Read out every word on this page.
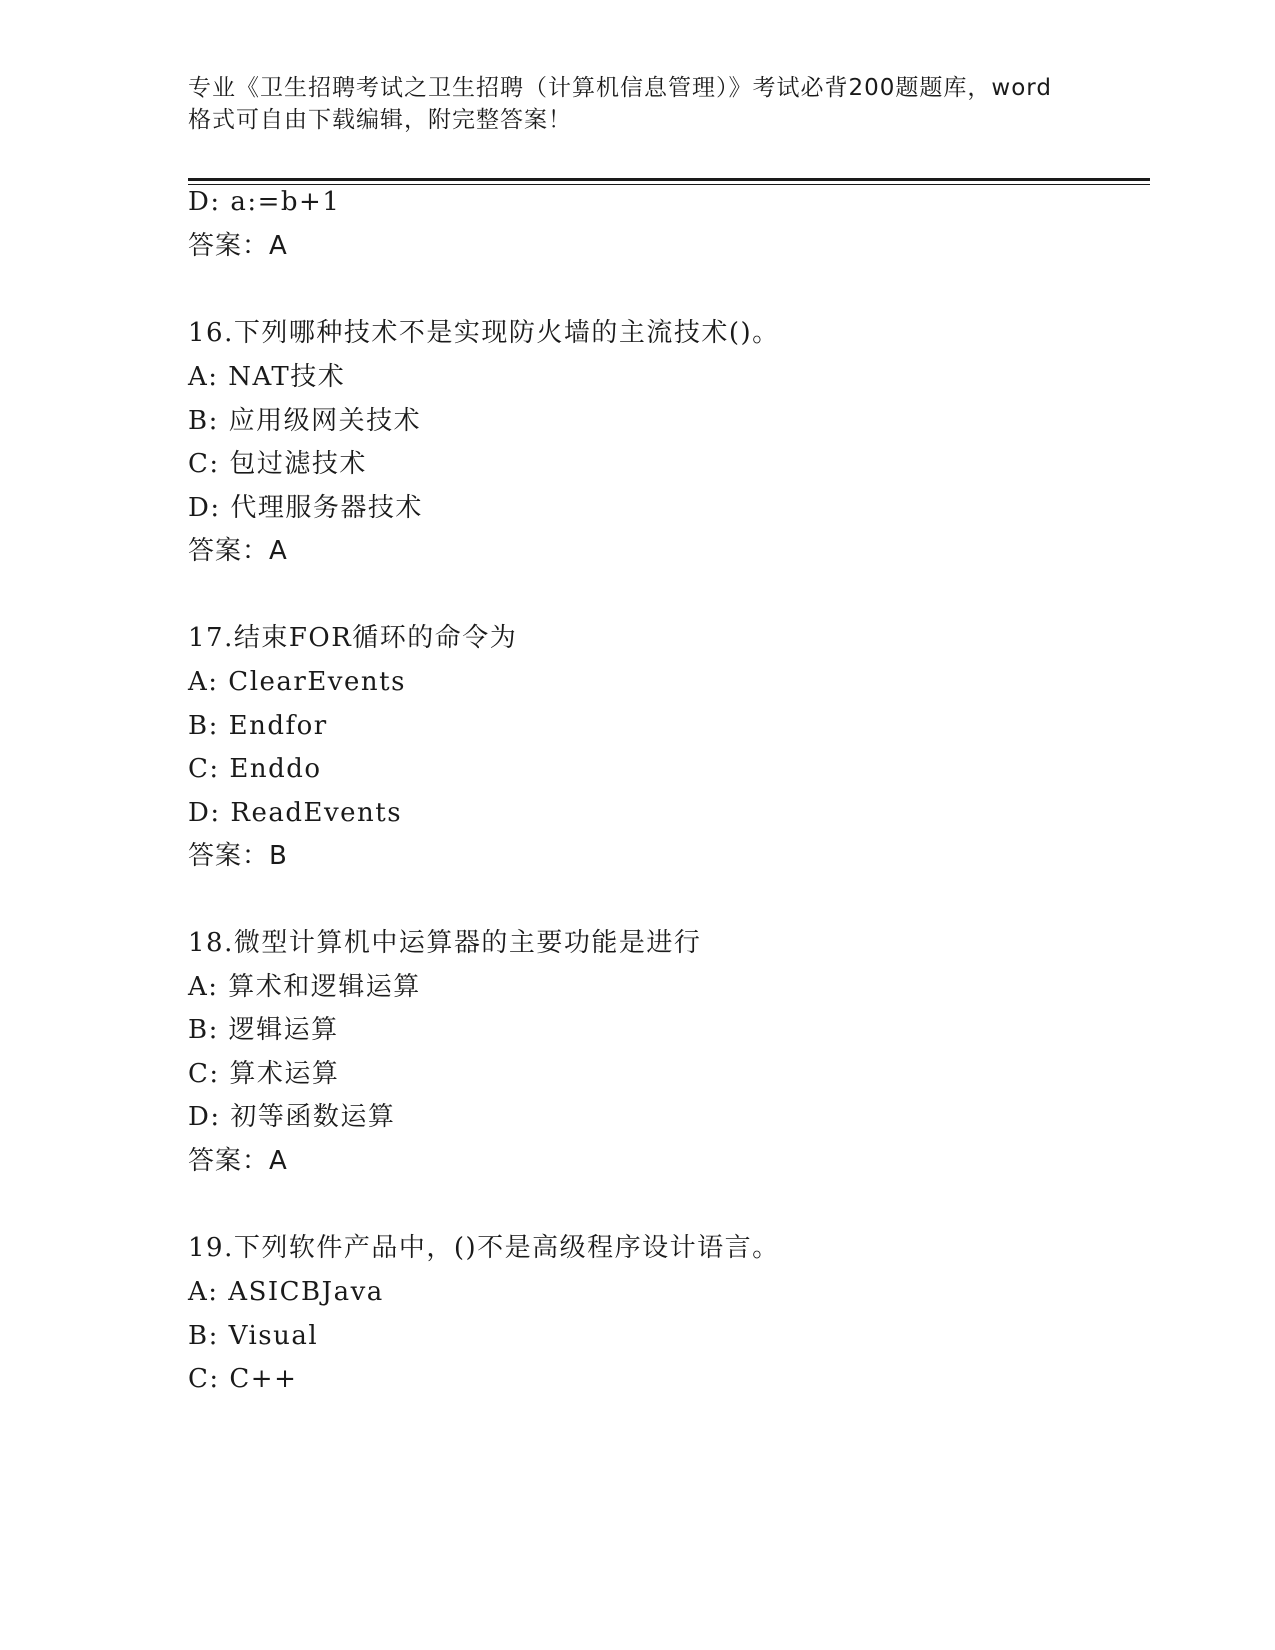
专业《卫生招聘考试之卫生招聘（计算机信息管理）》考试必背200题题库，word
格式可自由下载编辑，附完整答案！
D: a:=b+1
答案：A
16.下列哪种技术不是实现防火墙的主流技术()。
A: NAT技术
B: 应用级网关技术
C: 包过滤技术
D: 代理服务器技术
答案：A
17.结束FOR循环的命令为
A: ClearEvents
B: Endfor
C: Enddo
D: ReadEvents
答案：B
18.微型计算机中运算器的主要功能是进行
A: 算术和逻辑运算
B: 逻辑运算
C: 算术运算
D: 初等函数运算
答案：A
19.下列软件产品中，()不是高级程序设计语言。
A: ASICBJava
B: Visual
C: C++
